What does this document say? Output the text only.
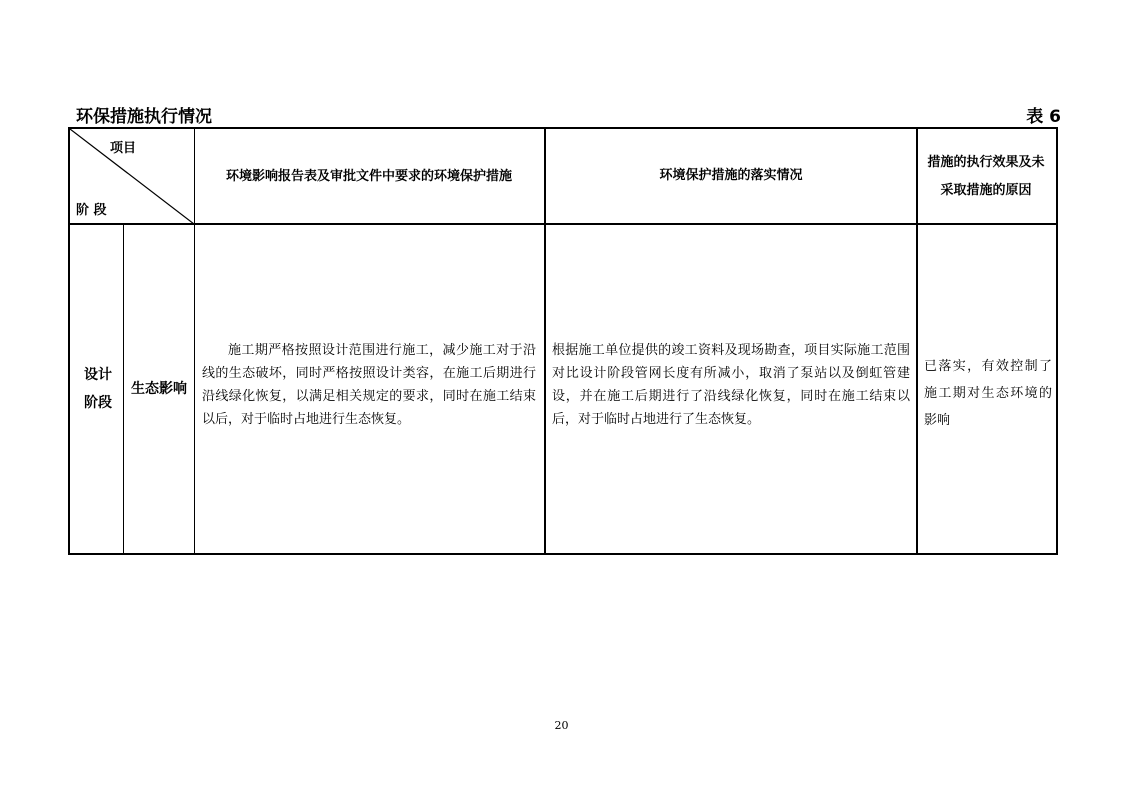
环保措施执行情况	表 6
项目
阶 段
环境影响报告表及审批文件中要求的环境保护措施	环境保护措施的落实情况
措施的执行效果及未采取措施的原因
设计阶段
生态影响
施工期严格按照设计范围进行施工，减少施工对于沿线的生态破坏，同时严格按照设计类容，在施工后期进行沿线绿化恢复，以满足相关规定的要求，同时在施工结束以后，对于临时占地进行生态恢复。
根据施工单位提供的竣工资料及现场勘查，项目实际施工范围对比设计阶段管网长度有所减小，取消了泵站以及倒虹管建设，并在施工后期进行了沿线绿化恢复，同时在施工结束以后，对于临时占地进行了生态恢复。
已落实，有效控制了施工期对生态环境的影响
20
